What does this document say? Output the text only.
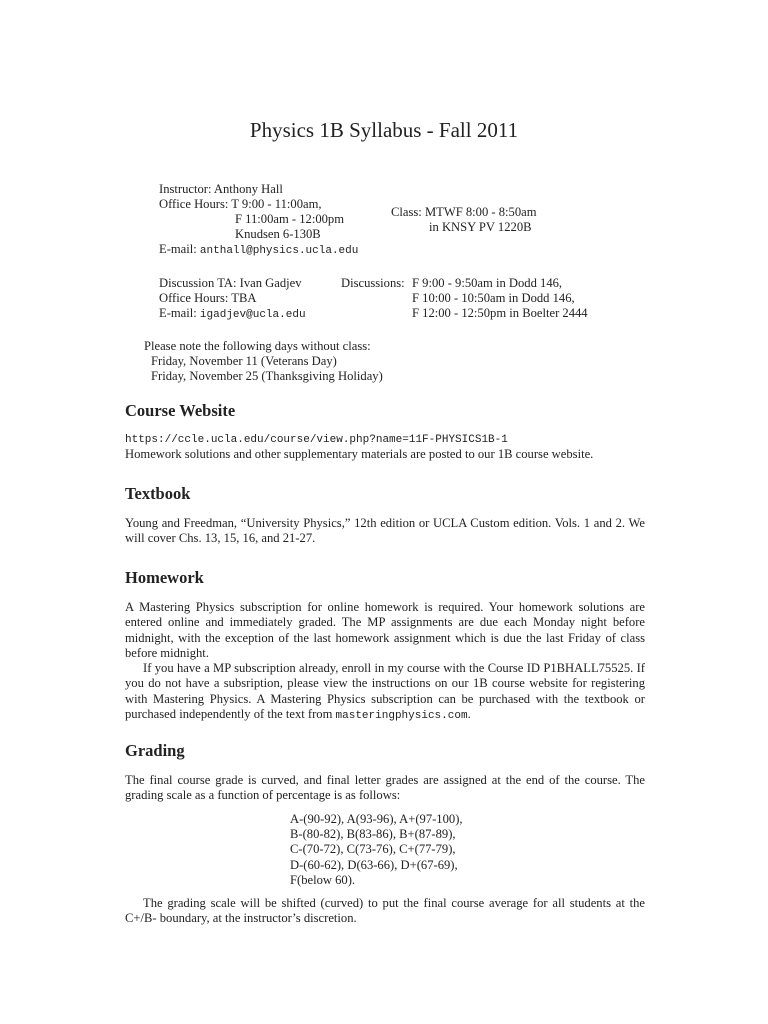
Physics 1B Syllabus - Fall 2011
Instructor: Anthony Hall
Office Hours: T 9:00 - 11:00am,
F 11:00am - 12:00pm
Knudsen 6-130B
E-mail: anthall@physics.ucla.edu
Class: MTWF 8:00 - 8:50am
in KNSY PV 1220B
Discussion TA: Ivan Gadjev
Office Hours: TBA
E-mail: igadjev@ucla.edu
Discussions: F 9:00 - 9:50am in Dodd 146,
F 10:00 - 10:50am in Dodd 146,
F 12:00 - 12:50pm in Boelter 2444
Please note the following days without class:
Friday, November 11 (Veterans Day)
Friday, November 25 (Thanksgiving Holiday)
Course Website
https://ccle.ucla.edu/course/view.php?name=11F-PHYSICS1B-1
Homework solutions and other supplementary materials are posted to our 1B course website.
Textbook

Young and Freedman, “University Physics,” 12th edition or UCLA Custom edition. Vols. 1 and 2. We will cover Chs. 13, 15, 16, and 21-27.

Homework

A Mastering Physics subscription for online homework is required. Your homework solutions are entered online and immediately graded. The MP assignments are due each Monday night before midnight, with the exception of the last homework assignment which is due the last Friday of class before midnight.

If you have a MP subscription already, enroll in my course with the Course ID P1BHALL75525. If you do not have a subsription, please view the instructions on our 1B course website for registering with Mastering Physics. A Mastering Physics subscription can be purchased with the textbook or purchased independently of the text from masteringphysics.com.

Grading

The final course grade is curved, and final letter grades are assigned at the end of the course. The grading scale as a function of percentage is as follows:

A-(90-92), A(93-96), A+(97-100),
B-(80-82), B(83-86), B+(87-89),
C-(70-72), C(73-76), C+(77-79),
D-(60-62), D(63-66), D+(67-69),
F(below 60).

The grading scale will be shifted (curved) to put the final course average for all students at the C+/B- boundary, at the instructor’s discretion.
